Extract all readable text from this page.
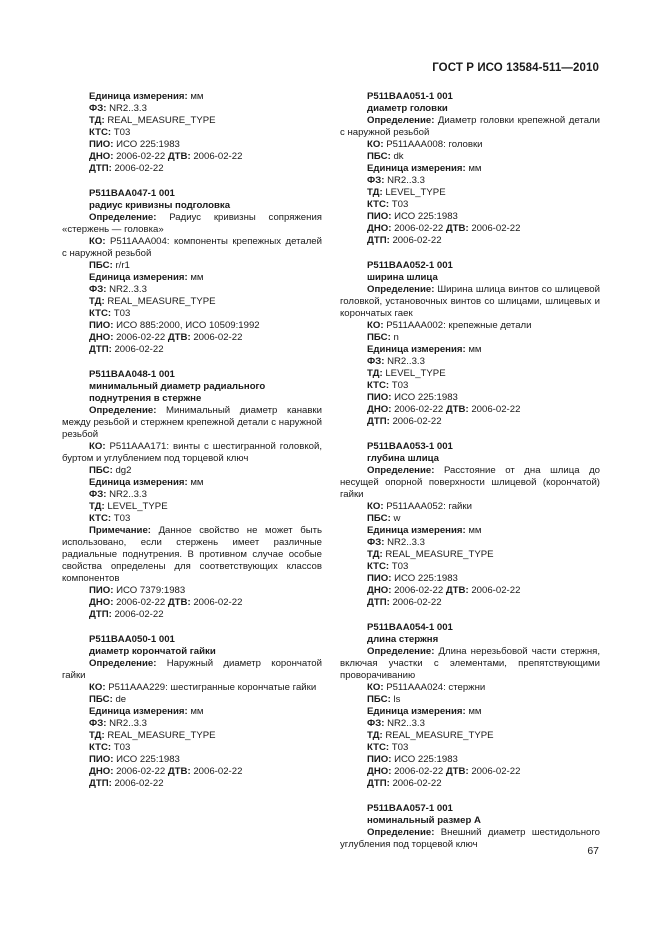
ГОСТ Р ИСО 13584-511—2010
Единица измерения: мм
ФЗ: NR2..3.3
ТД: REAL_MEASURE_TYPE
КТС: T03
ПИО: ИСО 225:1983
ДНО: 2006-02-22 ДТВ: 2006-02-22
ДТП: 2006-02-22
P511BAA047-1 001
радиус кривизны подголовка
Определение: Радиус кривизны сопряжения «стержень — головка»
КО: P511AAA004: компоненты крепежных деталей с наружной резьбой
ПБС: r/r1
Единица измерения: мм
ФЗ: NR2..3.3
ТД: REAL_MEASURE_TYPE
КТС: T03
ПИО: ИСО 885:2000, ИСО 10509:1992
ДНО: 2006-02-22 ДТВ: 2006-02-22
ДТП: 2006-02-22
P511BAA048-1 001
минимальный диаметр радиального поднутрения в стержне
Определение: Минимальный диаметр канавки между резьбой и стержнем крепежной детали с наружной резьбой
КО: P511AAA171: винты с шестигранной головкой, буртом и углублением под торцевой ключ
ПБС: dg2
Единица измерения: мм
ФЗ: NR2..3.3
ТД: LEVEL_TYPE
КТС: T03
Примечание: Данное свойство не может быть использовано, если стержень имеет различные радиальные поднутрения. В противном случае особые свойства определены для соответствующих классов компонентов
ПИО: ИСО 7379:1983
ДНО: 2006-02-22 ДТВ: 2006-02-22
ДТП: 2006-02-22
P511BAA050-1 001
диаметр корончатой гайки
Определение: Наружный диаметр корончатой гайки
КО: P511AAA229: шестигранные корончатые гайки
ПБС: de
Единица измерения: мм
ФЗ: NR2..3.3
ТД: REAL_MEASURE_TYPE
КТС: T03
ПИО: ИСО 225:1983
ДНО: 2006-02-22 ДТВ: 2006-02-22
ДТП: 2006-02-22
P511BAA051-1 001
диаметр головки
Определение: Диаметр головки крепежной детали с наружной резьбой
КО: P511AAA008: головки
ПБС: dk
Единица измерения: мм
ФЗ: NR2..3.3
ТД: LEVEL_TYPE
КТС: T03
ПИО: ИСО 225:1983
ДНО: 2006-02-22 ДТВ: 2006-02-22
ДТП: 2006-02-22
P511BAA052-1 001
ширина шлица
Определение: Ширина шлица винтов со шлицевой головкой, установочных винтов со шлицами, шлицевых и корончатых гаек
КО: P511AAA002: крепежные детали
ПБС: n
Единица измерения: мм
ФЗ: NR2..3.3
ТД: LEVEL_TYPE
КТС: T03
ПИО: ИСО 225:1983
ДНО: 2006-02-22 ДТВ: 2006-02-22
ДТП: 2006-02-22
P511BAA053-1 001
глубина шлица
Определение: Расстояние от дна шлица до несущей опорной поверхности шлицевой (корончатой) гайки
КО: P511AAA052: гайки
ПБС: w
Единица измерения: мм
ФЗ: NR2..3.3
ТД: REAL_MEASURE_TYPE
КТС: T03
ПИО: ИСО 225:1983
ДНО: 2006-02-22 ДТВ: 2006-02-22
ДТП: 2006-02-22
P511BAA054-1 001
длина стержня
Определение: Длина нерезьбовой части стержня, включая участки с элементами, препятствующими проворачиванию
КО: P511AAA024: стержни
ПБС: ls
Единица измерения: мм
ФЗ: NR2..3.3
ТД: REAL_MEASURE_TYPE
КТС: T03
ПИО: ИСО 225:1983
ДНО: 2006-02-22 ДТВ: 2006-02-22
ДТП: 2006-02-22
P511BAA057-1 001
номинальный размер A
Определение: Внешний диаметр шестидольного углубления под торцевой ключ
67
